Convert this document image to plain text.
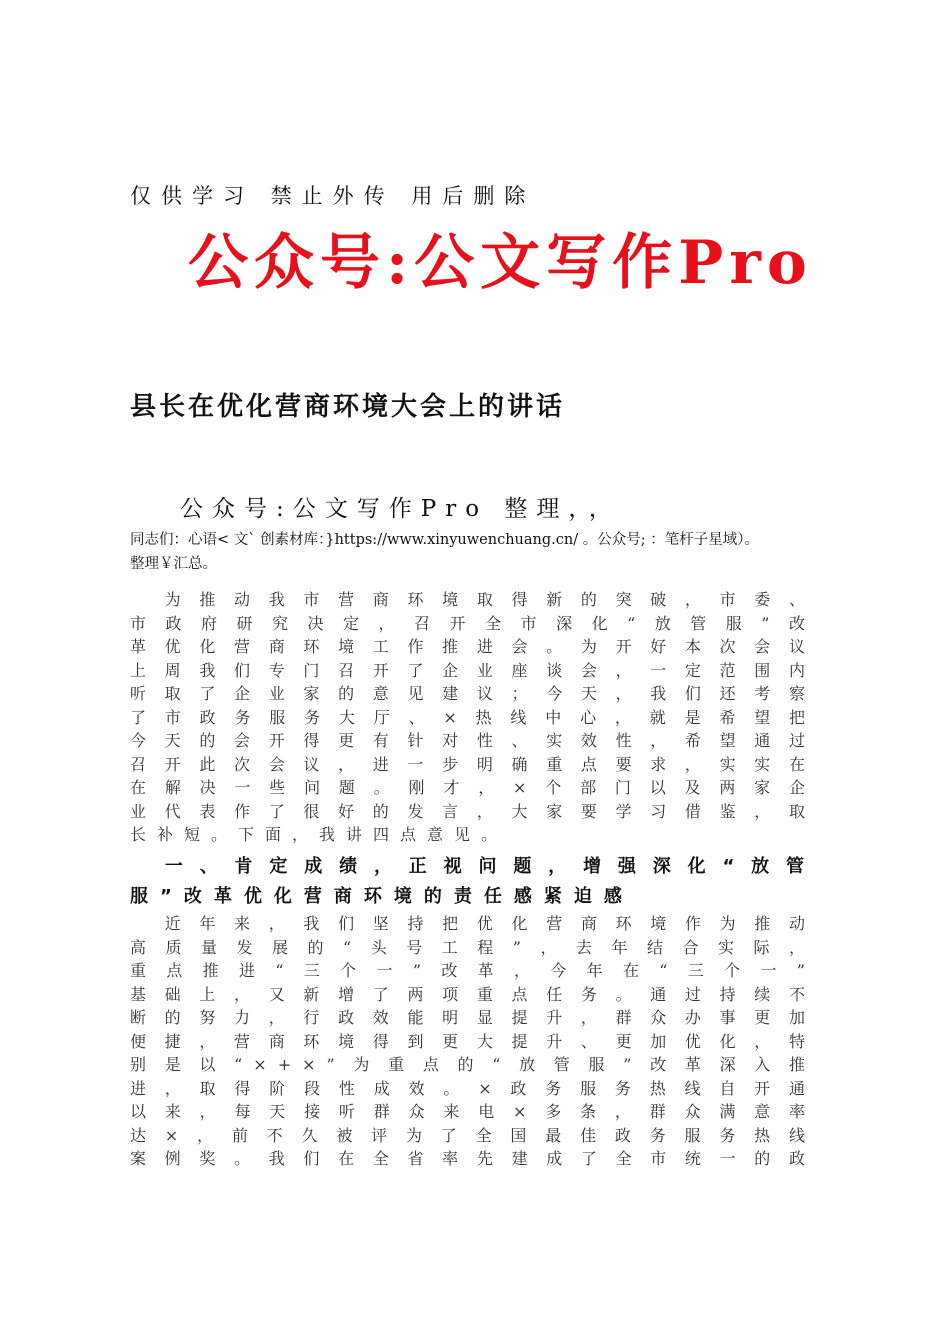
仅供学习 禁止外传 用后删除

公众号:公文写作Pro
县长在优化营商环境大会上的讲话

公众号:公文写作Pro 整理，，

同志们：心语< 文` 创素材库：}https://www.xinyuwenchuang.cn/ 。公众号; ：笔杆子星域）。
整理￥汇总。
　为推动我市营商环境取得新的突破，市委、
市政府研究决定，召开全市深化“放管服”改
革优化营商环境工作推进会。为开好本次会议
上周我们专门召开了企业座谈会，一定范围内
听取了企业家的意见建议；今天，我们还考察
了市政务服务大厅、×热线中心，就是希望把
今天的会开得更有针对性、实效性，希望通过
召开此次会议，进一步明确重点要求，实实在
在解决一些问题。刚才，×个部门以及两家企
业代表作了很好的发言，大家要学习借鉴，取
长补短。下面，我讲四点意见。
　一、肯定成绩，正视问题，增强深化“放管
服”改革优化营商环境的责任感紧迫感
　近年来，我们坚持把优化营商环境作为推动
高质量发展的“头号工程”，去年结合实际，
重点推进“三个一”改革，今年在“三个一”
基础上，又新增了两项重点任务。通过持续不
断的努力，行政效能明显提升，群众办事更加
便捷，营商环境得到更大提升、更加优化，特
别是以“×+×”为重点的“放管服”改革深入推
进，取得阶段性成效。×政务服务热线自开通
以来，每天接听群众来电×多条，群众满意率
达×，前不久被评为了全国最佳政务服务热线
案例奖。我们在全省率先建成了全市统一的政
